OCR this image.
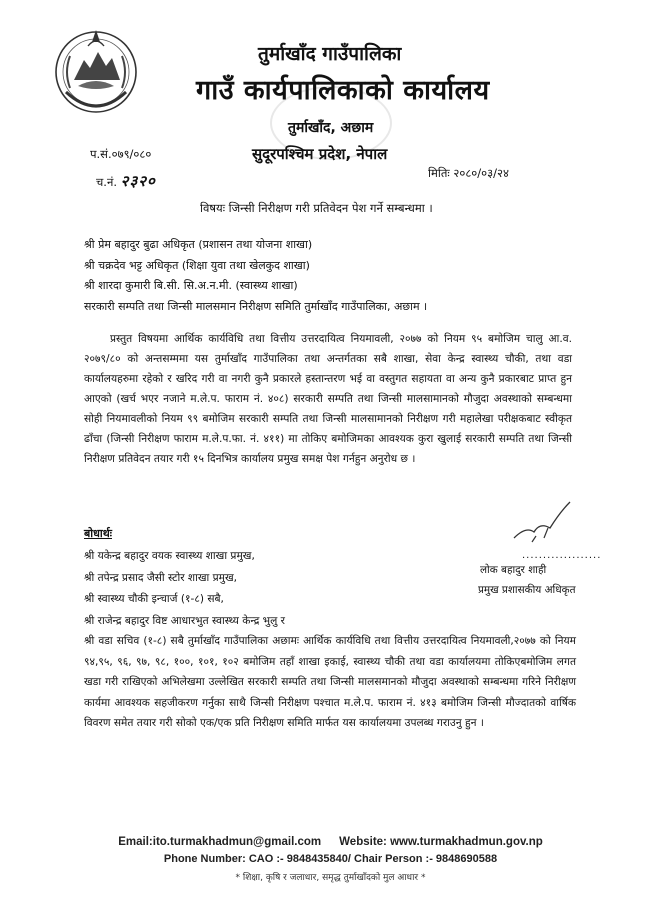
तुर्माखाँद गाउँपालिका
गाउँ कार्यपालिकाको कार्यालय
तुर्माखाँद, अछाम
सुदूरपश्चिम प्रदेश, नेपाल
प.सं.०७९/०८०
च.नं. २३२०	मितिः २०८०/०३/२४
विषयः जिन्सी निरीक्षण गरी प्रतिवेदन पेश गर्ने सम्बन्धमा ।
श्री प्रेम बहादुर बुढा अधिकृत (प्रशासन तथा योजना शाखा)
श्री चक्रदेव भट्ट अधिकृत (शिक्षा युवा तथा खेलकुद शाखा)
श्री शारदा कुमारी बि.सी. सि.अ.न.मी. (स्वास्थ्य शाखा)
सरकारी सम्पति तथा जिन्सी मालसमान निरीक्षण समिति तुर्माखाँद गाउँपालिका, अछाम ।
प्रस्तुत विषयमा आर्थिक कार्यविधि तथा वित्तीय उत्तरदायित्व नियमावली, २०७७ को नियम ९५ बमोजिम चालु आ.व. २०७९/८० को अन्तसम्ममा यस तुर्माखाँद गाउँपालिका तथा अन्तर्गतका सबै शाखा, सेवा केन्द्र स्वास्थ्य चौकी, तथा वडा कार्यालयहरुमा रहेको र खरिद गरी वा नगरी कुनै प्रकारले हस्तान्तरण भई वा वस्तुगत सहायता वा अन्य कुनै प्रकारबाट प्राप्त हुन आएको (खर्च भएर नजाने म.ले.प. फाराम नं. ४०८) सरकारी सम्पति तथा जिन्सी मालसामानको मौजुदा अवस्थाको सम्बन्धमा सोही नियमावलीको नियम ९९ बमोजिम सरकारी सम्पति तथा जिन्सी मालसामानको निरीक्षण गरी महालेखा परीक्षकबाट स्वीकृत ढाँचा (जिन्सी निरीक्षण फाराम म.ले.प.फा. नं. ४११) मा तोकिए बमोजिमका आवश्यक कुरा खुलाई सरकारी सम्पति तथा जिन्सी निरीक्षण प्रतिवेदन तयार गरी १५ दिनभित्र कार्यालय प्रमुख समक्ष पेश गर्नहुन अनुरोध छ ।
...................
लोक बहादुर शाही
प्रमुख प्रशासकीय अधिकृत
बोधार्थः
श्री यकेन्द्र बहादुर वयक स्वास्थ्य शाखा प्रमुख,
श्री तपेन्द्र प्रसाद जैसी स्टोर शाखा प्रमुख,
श्री स्वास्थ्य चौकी इन्चार्ज (१-८) सबै,
श्री राजेन्द्र बहादुर विष्ट आधारभुत स्वास्थ्य केन्द्र भुलु र
श्री वडा सचिव (१-८) सबै तुर्माखाँद गाउँपालिका अछामः आर्थिक कार्यविधि तथा वित्तीय उत्तरदायित्व नियमावली,२०७७ को नियम ९४,९५, ९६, ९७, ९८, १००, १०१, १०२ बमोजिम तहाँ शाखा इकाई, स्वास्थ्य चौकी तथा वडा कार्यालयमा तोकिएबमोजिम लगत खडा गरी राखिएको अभिलेखमा उल्लेखित सरकारी सम्पति तथा जिन्सी मालसमानको मौजुदा अवस्थाको सम्बन्धमा गरिने निरीक्षण कार्यमा आवश्यक सहजीकरण गर्नुका साथै जिन्सी निरीक्षण पश्चात म.ले.प. फाराम नं. ४१३ बमोजिम जिन्सी मौज्दातको वार्षिक विवरण समेत तयार गरी सोको एक/एक प्रति निरीक्षण समिति मार्फत यस कार्यालयमा उपलब्ध गराउनु हुन ।
Email:ito.turmakhadmun@gmail.com Website: www.turmakhadmun.gov.np
Phone Number: CAO :- 9848435840/ Chair Person :- 9848690588
* शिक्षा, कृषि र जलाधार, समृद्ध तुर्माखाँदको मुल आधार *
